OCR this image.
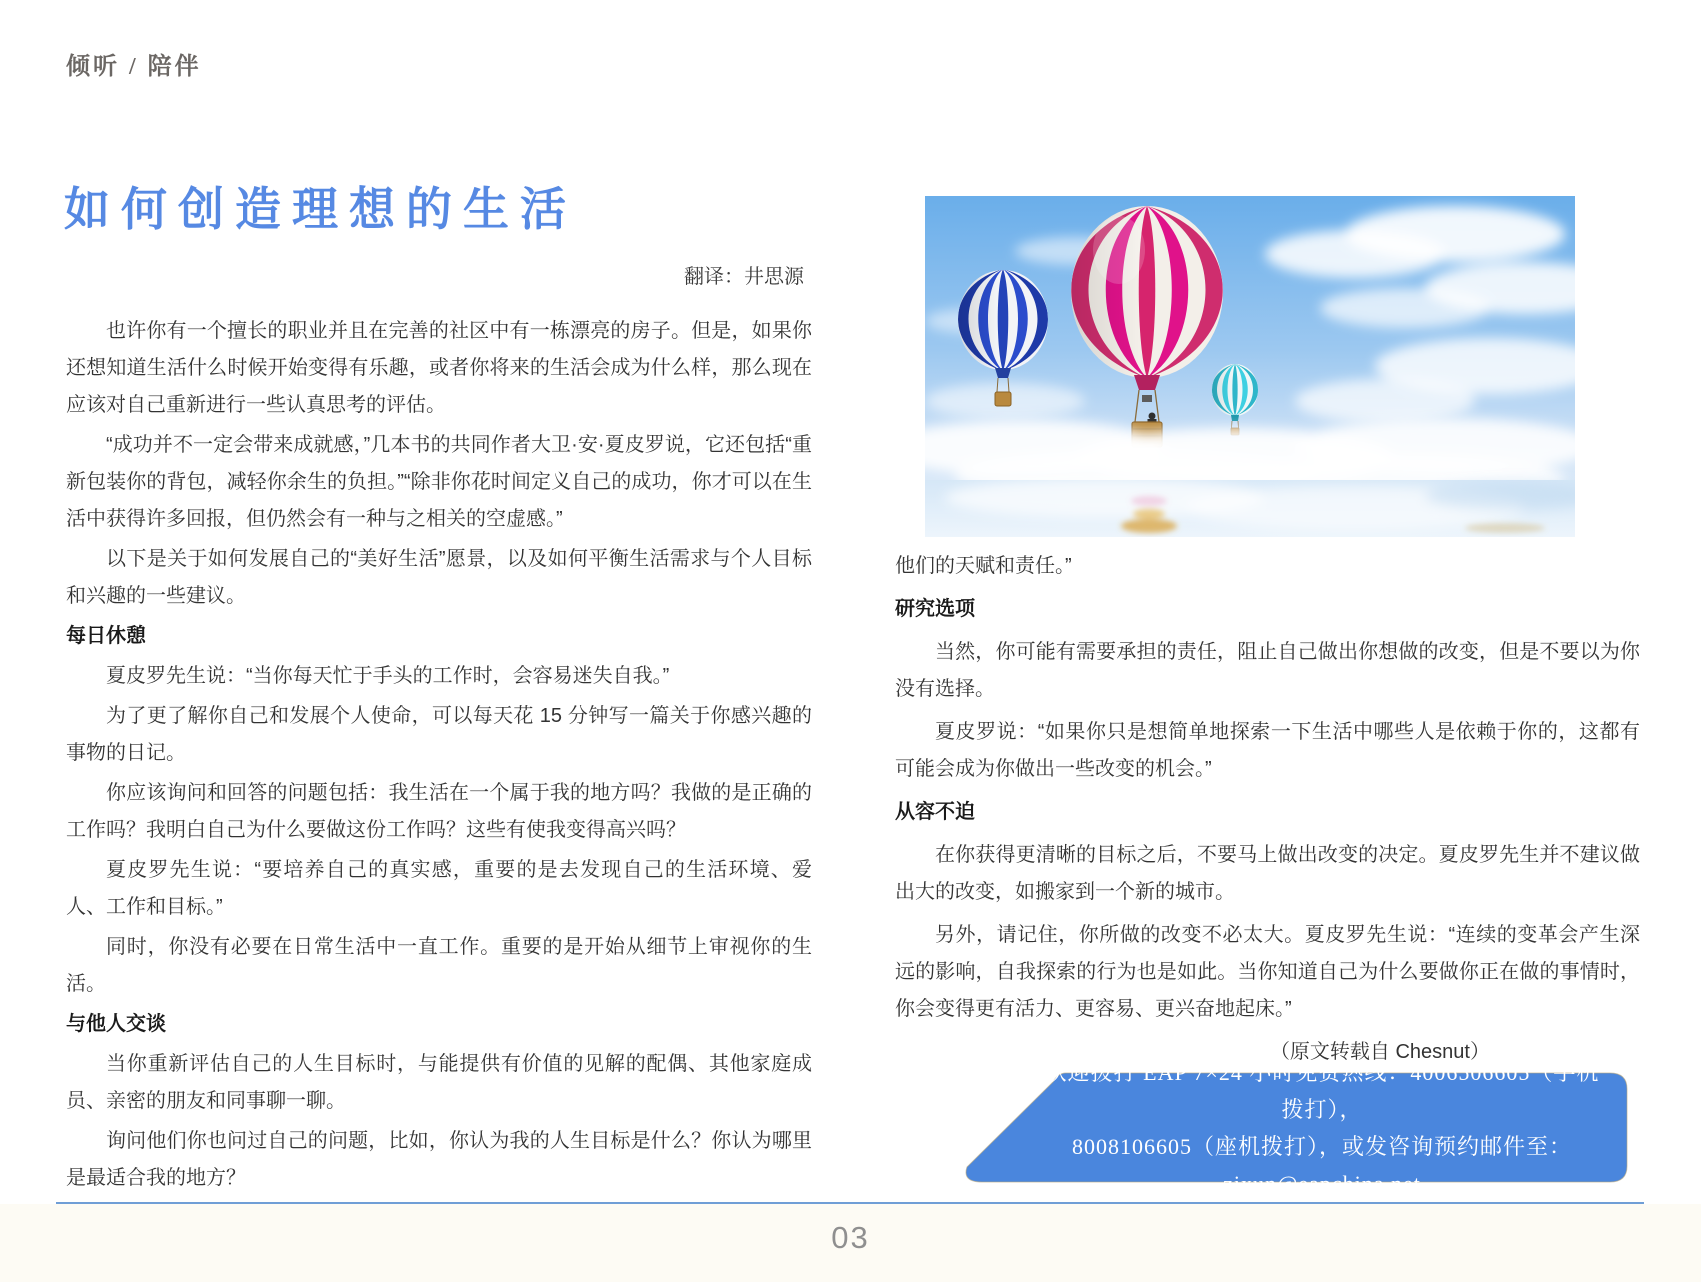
倾听 / 陪伴
如何创造理想的生活
翻译：井思源

也许你有一个擅长的职业并且在完善的社区中有一栋漂亮的房子。但是，如果你还想知道生活什么时候开始变得有乐趣，或者你将来的生活会成为什么样，那么现在应该对自己重新进行一些认真思考的评估。

“成功并不一定会带来成就感，”几本书的共同作者大卫·安·夏皮罗说，它还包括“重新包装你的背包，减轻你余生的负担。”“除非你花时间定义自己的成功，你才可以在生活中获得许多回报，但仍然会有一种与之相关的空虚感。”

以下是关于如何发展自己的“美好生活”愿景，以及如何平衡生活需求与个人目标和兴趣的一些建议。

每日休憩

夏皮罗先生说：“当你每天忙于手头的工作时，会容易迷失自我。”

为了更了解你自己和发展个人使命，可以每天花 15 分钟写一篇关于你感兴趣的事物的日记。

你应该询问和回答的问题包括：我生活在一个属于我的地方吗？我做的是正确的工作吗？我明白自己为什么要做这份工作吗？这些有使我变得高兴吗？

夏皮罗先生说：“要培养自己的真实感，重要的是去发现自己的生活环境、爱人、工作和目标。”

同时，你没有必要在日常生活中一直工作。重要的是开始从细节上审视你的生活。

与他人交谈

当你重新评估自己的人生目标时，与能提供有价值的见解的配偶、其他家庭成员、亲密的朋友和同事聊一聊。

询问他们你也问过自己的问题，比如，你认为我的人生目标是什么？你认为哪里是最适合我的地方？

他们的天赋和责任。”

研究选项

当然，你可能有需要承担的责任，阻止自己做出你想做的改变，但是不要以为你没有选择。

夏皮罗说：“如果你只是想简单地探索一下生活中哪些人是依赖于你的，这都有可能会成为你做出一些改变的机会。”

从容不迫

在你获得更清晰的目标之后，不要马上做出改变的决定。夏皮罗先生并不建议做出大的改变，如搬家到一个新的城市。

另外，请记住，你所做的改变不必太大。夏皮罗先生说：“连续的变革会产生深远的影响，自我探索的行为也是如此。当你知道自己为什么要做你正在做的事情时，你会变得更有活力、更容易、更兴奋地起床。”

（原文转载自 Chesnut）

欢迎拨打 EAP 7×24 小时免费热线：4006506605（手机拨打），
8008106605（座机拨打），或发咨询预约邮件至：zixun@eapchina.net
03
